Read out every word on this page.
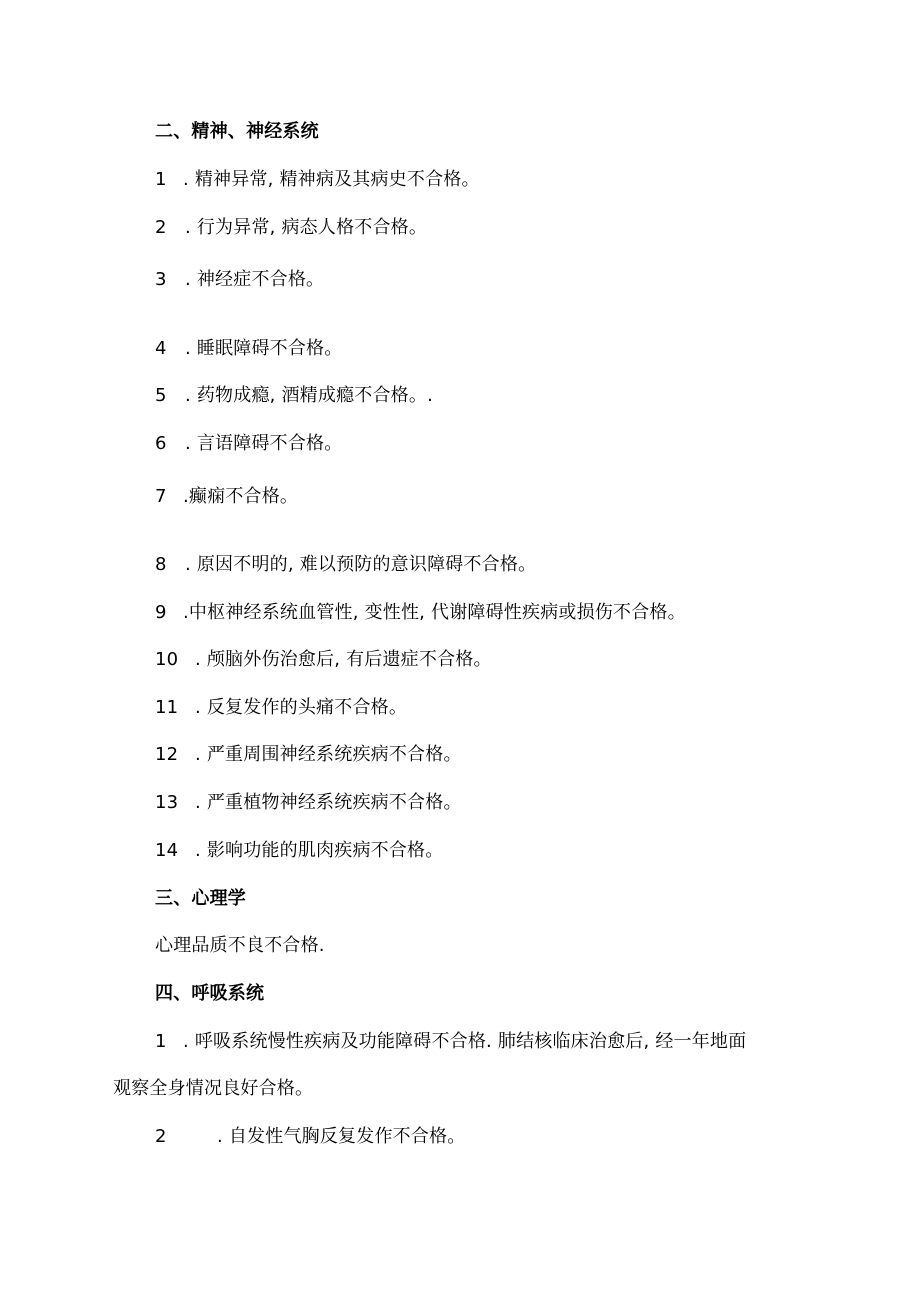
二、精神、神经系统
1 . 精神异常, 精神病及其病史不合格。
2 . 行为异常, 病态人格不合格。
3 . 神经症不合格。
4 . 睡眠障碍不合格。
5 . 药物成瘾, 酒精成瘾不合格。.
6 . 言语障碍不合格。
7 .癫痫不合格。
8 . 原因不明的, 难以预防的意识障碍不合格。
9 .中枢神经系统血管性, 变性性, 代谢障碍性疾病或损伤不合格。
10 . 颅脑外伤治愈后, 有后遗症不合格。
11 . 反复发作的头痛不合格。
12 . 严重周围神经系统疾病不合格。
13 . 严重植物神经系统疾病不合格。
14 . 影响功能的肌肉疾病不合格。
三、心理学
心理品质不良不合格.
四、呼吸系统
1 . 呼吸系统慢性疾病及功能障碍不合格. 肺结核临床治愈后, 经一年地面
观察全身情况良好合格。
2	. 自发性气胸反复发作不合格。
